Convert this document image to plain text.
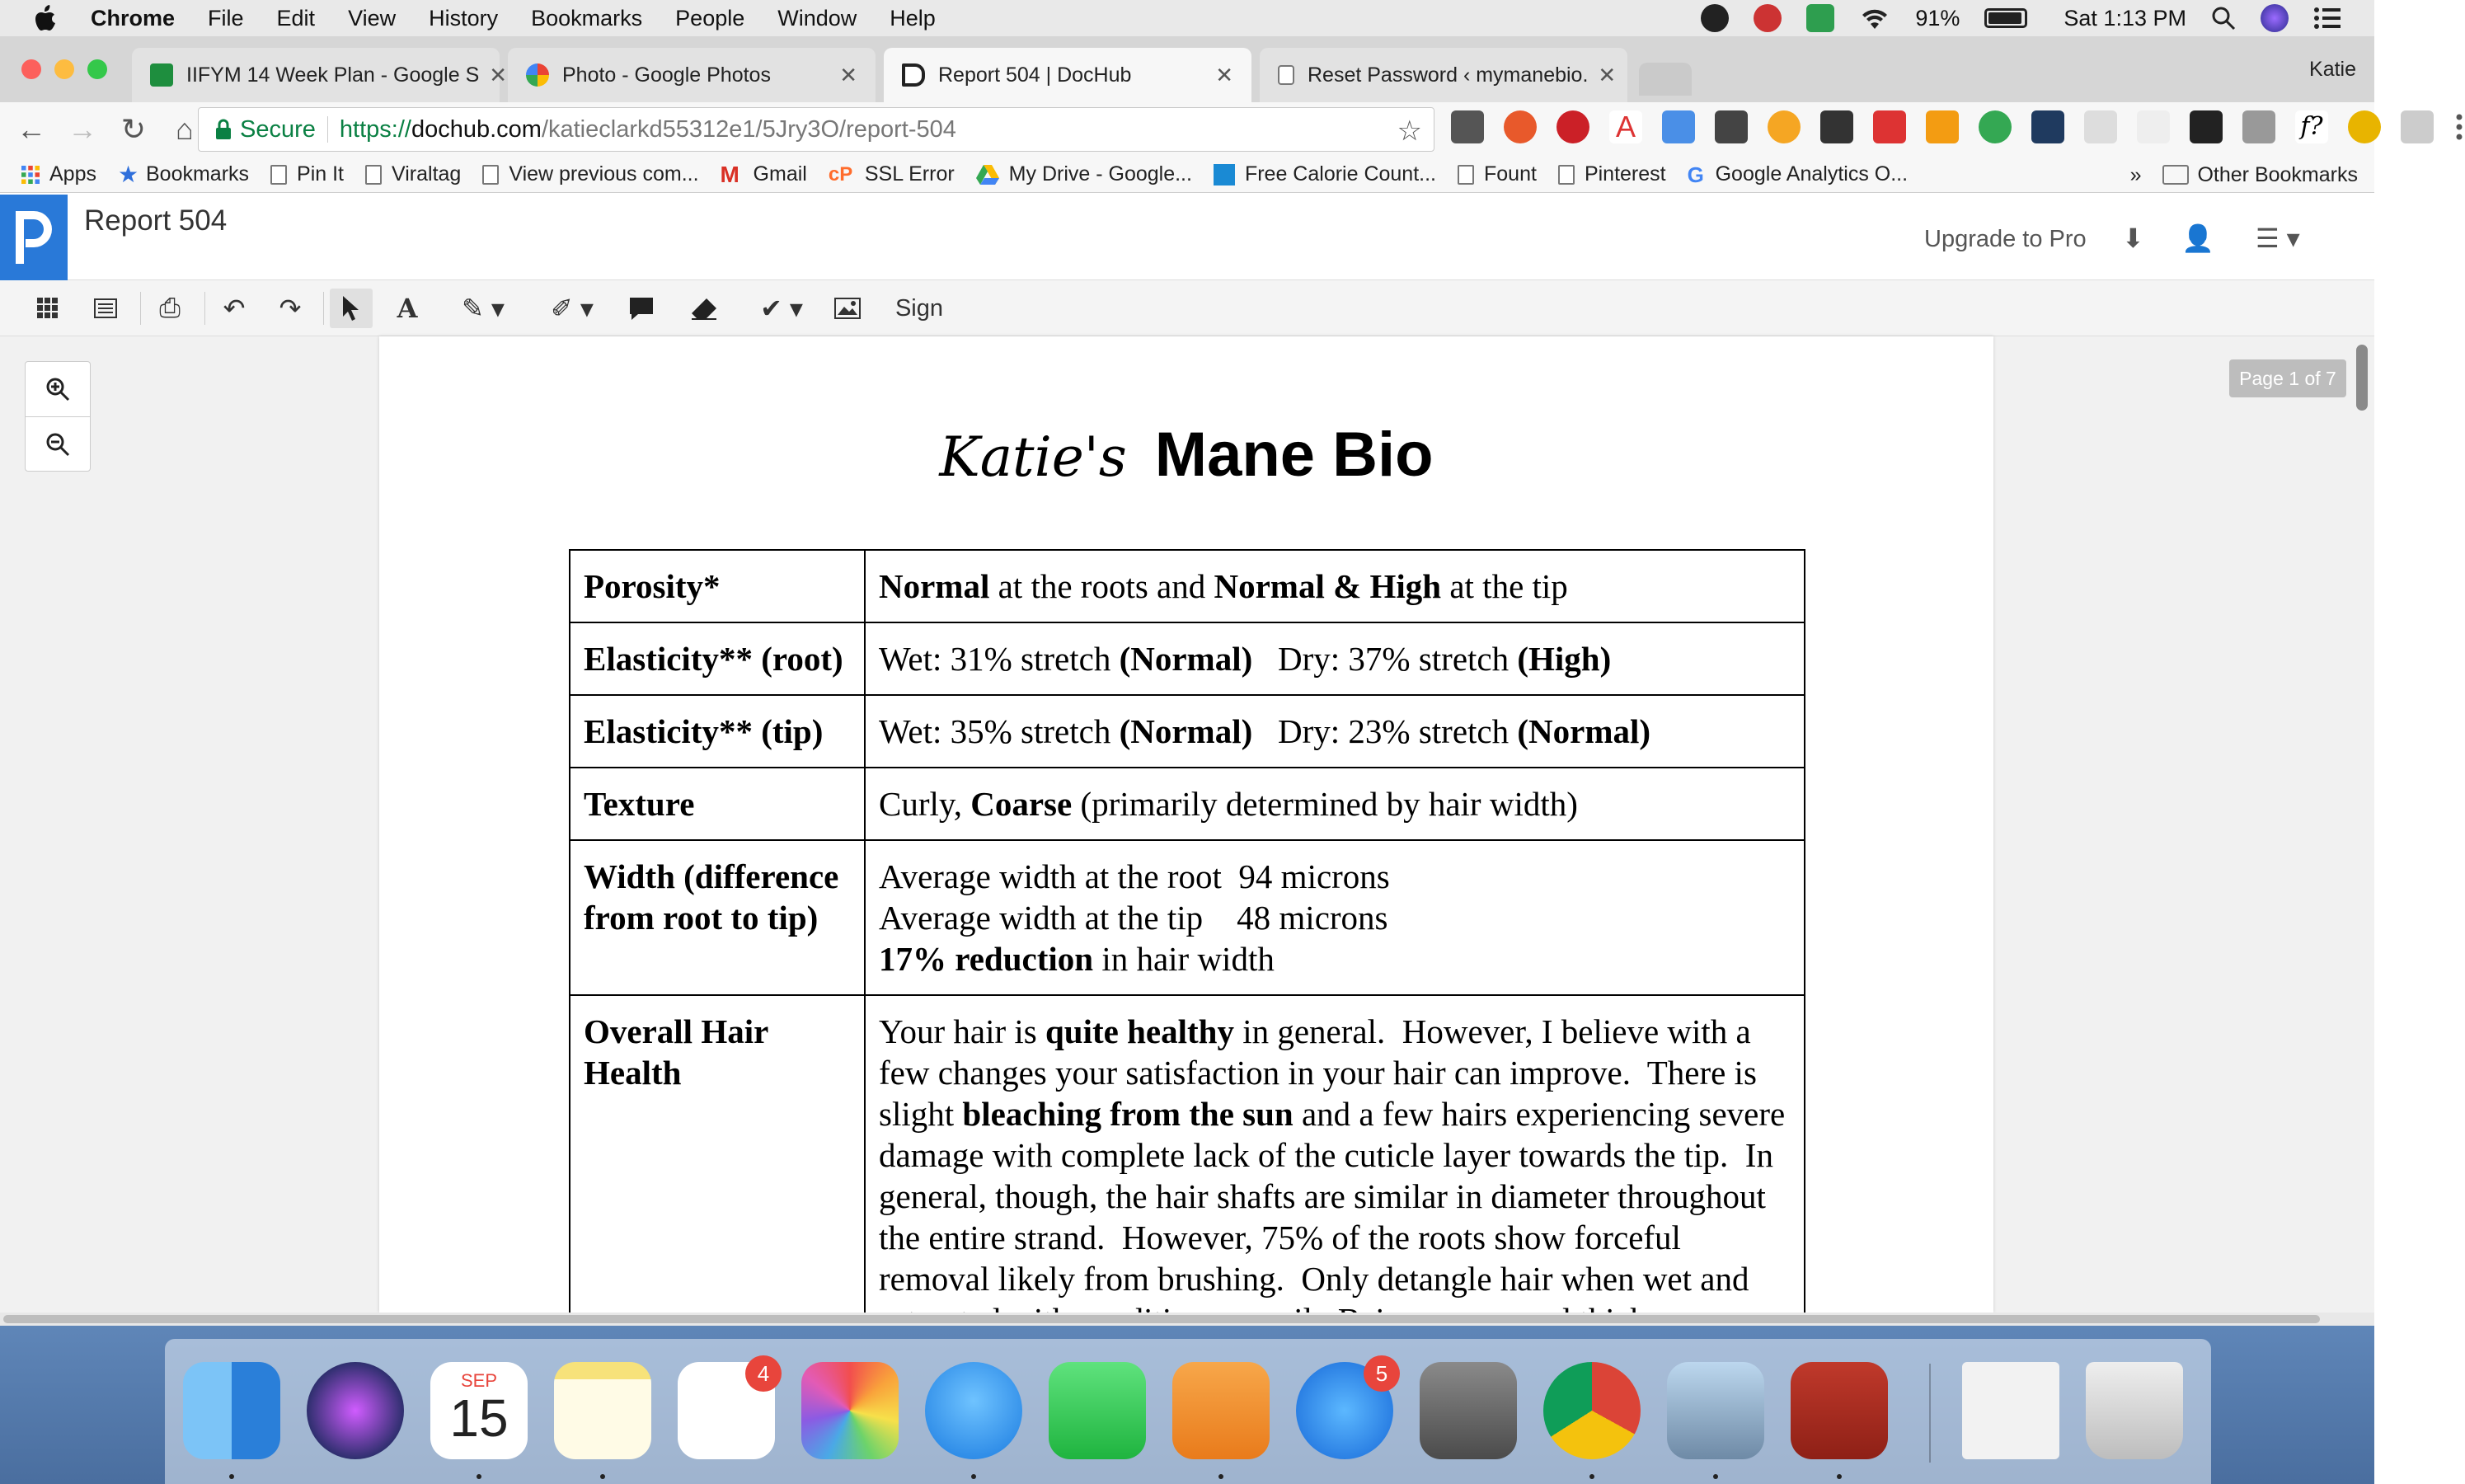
Chrome File Edit View History Bookmarks People Window Help	91%	Sat 1:13 PM
IIFYM 14 Week Plan - Google S ✕	Photo - Google Photos	✕	Report 504 | DocHub	✕	Reset Password ‹ mymanebio. ✕	Katie
← → ↻	⌂	Secure https:// dochub.com /katieclarkd55312e1/5Jry3O/report-504	☆	A	f?
Apps ★ Bookmarks Pin It Viraltag View previous com... M Gmail cP SSL Error	My Drive - Google...	Free Calorie Count... Fount Pinterest G Google Analytics O...	»	Other Bookmarks
Report 504
Upgrade to Pro ⬇ 👤 ☰ ▾
⎙ ↶ ↷	A	✎ ▾	✐ ▾	✔ ▾	Sign
Katie's Mane Bio
Porosity*	Normal at the roots and Normal & High at the tip
Elasticity** (root)	Wet: 31% stretch (Normal)   Dry: 37% stretch (High)
Elasticity** (tip)	Wet: 35% stretch (Normal)   Dry: 23% stretch (Normal)
Texture	Curly, Coarse (primarily determined by hair width)
Width (difference from root to tip)	Average width at the root  94 microns
Average width at the tip    48 microns
17% reduction in hair width
Overall Hair Health	Your hair is quite healthy in general.  However, I believe with a few changes your satisfaction in your hair can improve.  There is slight bleaching from the sun and a few hairs experiencing severe damage with complete lack of the cuticle layer towards the tip.  In general, though, the hair shafts are similar in diameter throughout the entire strand.  However, 75% of the roots show forceful removal likely from brushing.  Only detangle hair when wet and
Page 1 of 7
SEP
15
4	5
